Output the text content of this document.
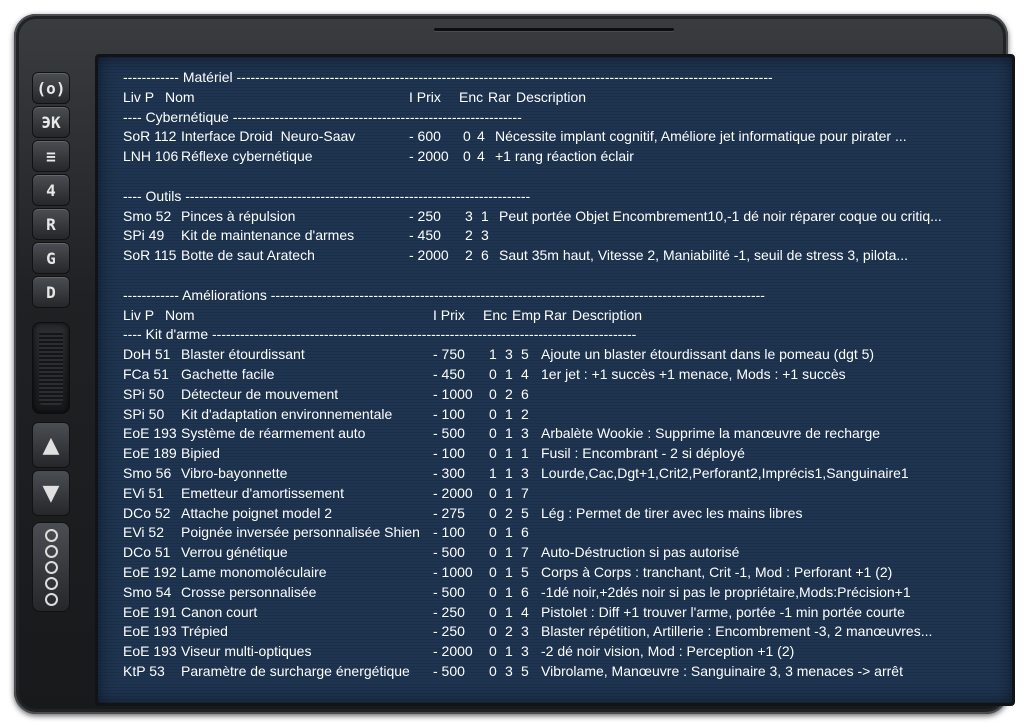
(o)
ЭK
≡
4
R
G
D
▲
▼
------------ Matériel -------------------------------------------------------------------------------------------------------------------
Liv P Nom	I Prix	Enc Rar Description
---- Cybernétique --------------------------------------------------------------
SoR 112 Interface Droid  Neuro-Saav	- 600	0 4 Nécessite implant cognitif, Améliore jet informatique pour pirater ...
LNH 106 Réflexe cybernétique	- 2000	0 4 +1 rang réaction éclair
---- Outils --------------------------------------------------------------------------
Smo 52 Pinces à répulsion	- 250	3 1 Peut portée Objet Encombrement10,-1 dé noir réparer coque ou critiq...
SPi 49	Kit de maintenance d'armes	- 450	2 3
SoR 115 Botte de saut Aratech	- 2000	2 6 Saut 35m haut, Vitesse 2, Maniabilité -1, seuil de stress 3, pilota...
------------ Améliorations ----------------------------------------------------------------------------------------------------------
Liv P Nom	I Prix	Enc Emp Rar Description
---- Kit d'arme -------------------------------------------------------------------------------------------
DoH 51 Blaster étourdissant	- 750	1 3 5 Ajoute un blaster étourdissant dans le pomeau (dgt 5)
FCa 51 Gachette facile	- 450	0 1 4 1er jet : +1 succès +1 menace, Mods : +1 succès
SPi 50	Détecteur de mouvement	- 1000	0 2 6
SPi 50	Kit d'adaptation environnementale	- 100	0 1 2
EoE 193 Système de réarmement auto	- 500	0 1 3 Arbalète Wookie : Supprime la manœuvre de recharge
EoE 189 Bipied	- 100	0 1 1 Fusil : Encombrant - 2 si déployé
Smo 56 Vibro-bayonnette	- 300	1 1 3 Lourde,Cac,Dgt+1,Crit2,Perforant2,Imprécis1,Sanguinaire1
EVi 51	Emetteur d'amortissement	- 2000	0 1 7
DCo 52 Attache poignet model 2	- 275	0 2 5 Lég : Permet de tirer avec les mains libres
EVi 52	Poignée inversée personnalisée Shien - 100	0 1 6
DCo 51 Verrou génétique	- 500	0 1 7 Auto-Déstruction si pas autorisé
EoE 192 Lame monomoléculaire	- 1000	0 1 5 Corps à Corps : tranchant, Crit -1, Mod : Perforant +1 (2)
Smo 54 Crosse personnalisée	- 500	0 1 6 -1dé noir,+2dés noir si pas le propriétaire,Mods:Précision+1
EoE 191 Canon court	- 250	0 1 4 Pistolet : Diff +1 trouver l'arme, portée -1 min portée courte
EoE 193 Trépied	- 250	0 2 3 Blaster répétition, Artillerie : Encombrement -3, 2 manœuvres...
EoE 193 Viseur multi-optiques	- 2000	0 1 3 -2 dé noir vision, Mod : Perception +1 (2)
KtP 53	Paramètre de surcharge énergétique	- 500	0 3 5 Vibrolame, Manœuvre : Sanguinaire 3, 3 menaces -> arrêt
